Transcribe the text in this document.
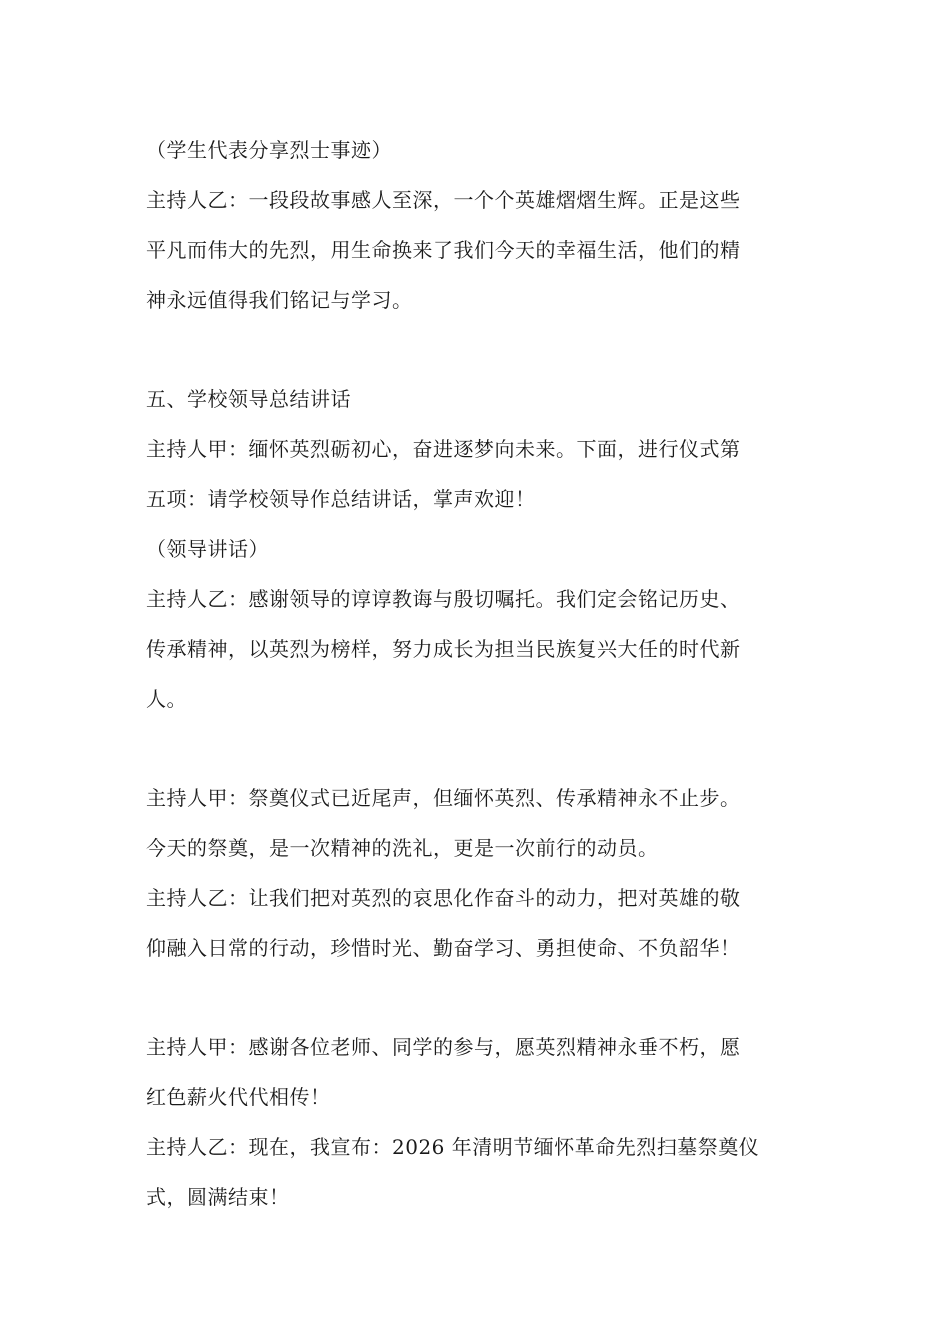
（学生代表分享烈士事迹）
主持人乙：一段段故事感人至深，一个个英雄熠熠生辉。正是这些
平凡而伟大的先烈，用生命换来了我们今天的幸福生活，他们的精
神永远值得我们铭记与学习。
五、学校领导总结讲话
主持人甲：缅怀英烈砺初心，奋进逐梦向未来。下面，进行仪式第
五项：请学校领导作总结讲话，掌声欢迎！
（领导讲话）
主持人乙：感谢领导的谆谆教诲与殷切嘱托。我们定会铭记历史、
传承精神，以英烈为榜样，努力成长为担当民族复兴大任的时代新
人。
主持人甲：祭奠仪式已近尾声，但缅怀英烈、传承精神永不止步。
今天的祭奠，是一次精神的洗礼，更是一次前行的动员。
主持人乙：让我们把对英烈的哀思化作奋斗的动力，把对英雄的敬
仰融入日常的行动，珍惜时光、勤奋学习、勇担使命、不负韶华！
主持人甲：感谢各位老师、同学的参与，愿英烈精神永垂不朽，愿
红色薪火代代相传！
主持人乙：现在，我宣布：2026 年清明节缅怀革命先烈扫墓祭奠仪
式，圆满结束！
